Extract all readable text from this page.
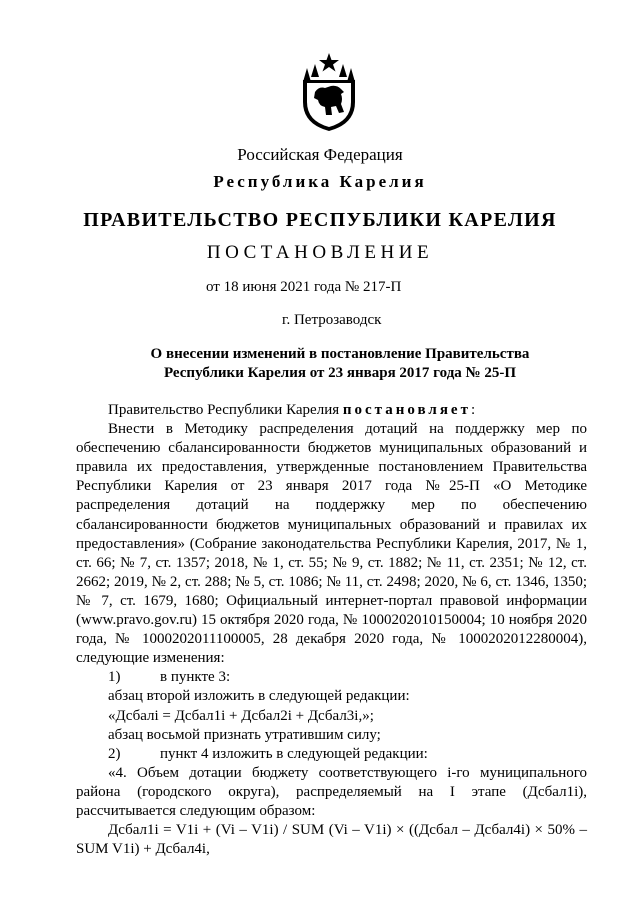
Российская Федерация
Республика Карелия
ПРАВИТЕЛЬСТВО РЕСПУБЛИКИ КАРЕЛИЯ
ПОСТАНОВЛЕНИЕ
от 18 июня 2021 года № 217-П
г. Петрозаводск
О внесении изменений в постановление Правительства
Республики Карелия от 23 января 2017 года № 25-П

Правительство Республики Карелия постановляет:

Внести в Методику распределения дотаций на поддержку мер по обеспечению сбалансированности бюджетов муниципальных образований и правила их предоставления, утвержденные постановлением Правительства Республики Карелия от 23 января 2017 года №25-П «О Методике распределения дотаций на поддержку мер по обеспечению сбалансированности бюджетов муниципальных образований и правилах их предоставления» (Собрание законодательства Республики Карелия, 2017, № 1, ст. 66; № 7, ст. 1357; 2018, № 1, ст. 55; № 9, ст. 1882; № 11, ст. 2351; № 12, ст. 2662; 2019, № 2, ст. 288; № 5, ст. 1086; № 11, ст. 2498; 2020, № 6, ст. 1346, 1350; № 7, ст. 1679, 1680; Официальный интернет-портал правовой информации (www.pravo.gov.ru) 15 октября 2020 года, № 1000202010150004; 10 ноября 2020 года, № 1000202011100005, 28 декабря 2020 года, № 1000202012280004), следующие изменения:

1)	в пункте 3:

абзац второй изложить в следующей редакции:

«Дсбалi = Дсбал1i + Дсбал2i + Дсбал3i,»;

абзац восьмой признать утратившим силу;

2)	пункт 4 изложить в следующей редакции:

«4. Объем дотации бюджету соответствующего i-го муниципального района (городского округа), распределяемый на I этапе (Дсбал1i), рассчитывается следующим образом:

Дсбал1i = V1i + (Vi – V1i) / SUM (Vi – V1i) × ((Дсбал – Дсбал4i) × 50% – SUM V1i) + Дсбал4i,
